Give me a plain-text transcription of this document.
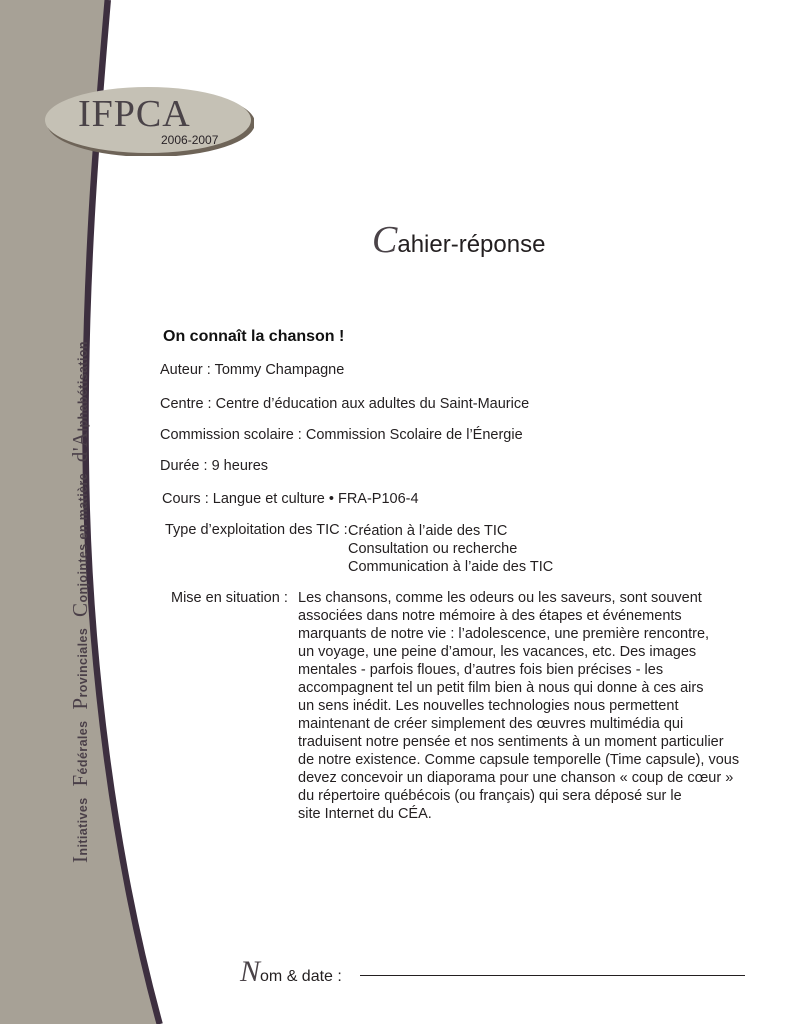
IFPCA
2006-2007
Initiatives Fédérales Provinciales Conjointes en matière d'Alphabétisation
Cahier-réponse
On connaît la chanson !
Auteur : Tommy Champagne
Centre : Centre d’éducation aux adultes du Saint-Maurice
Commission scolaire : Commission Scolaire de l’Énergie
Durée : 9 heures
Cours : Langue et culture • FRA-P106-4
Type d’exploitation des TIC : Création à l’aide des TIC
Consultation ou recherche
Communication à l’aide des TIC
Mise en situation : Les chansons, comme les odeurs ou les saveurs, sont souvent
associées dans notre mémoire à des étapes et événements
marquants de notre vie : l’adolescence, une première rencontre,
un voyage, une peine d’amour, les vacances, etc. Des images
mentales - parfois floues, d’autres fois bien précises - les
accompagnent tel un petit film bien à nous qui donne à ces airs
un sens inédit. Les nouvelles technologies nous permettent
maintenant de créer simplement des œuvres multimédia qui
traduisent notre pensée et nos sentiments à un moment particulier
de notre existence. Comme capsule temporelle (Time capsule), vous
devez concevoir un diaporama pour une chanson « coup de cœur »
du répertoire québécois (ou français) qui sera déposé sur le
site Internet du CÉA.
Nom & date :
